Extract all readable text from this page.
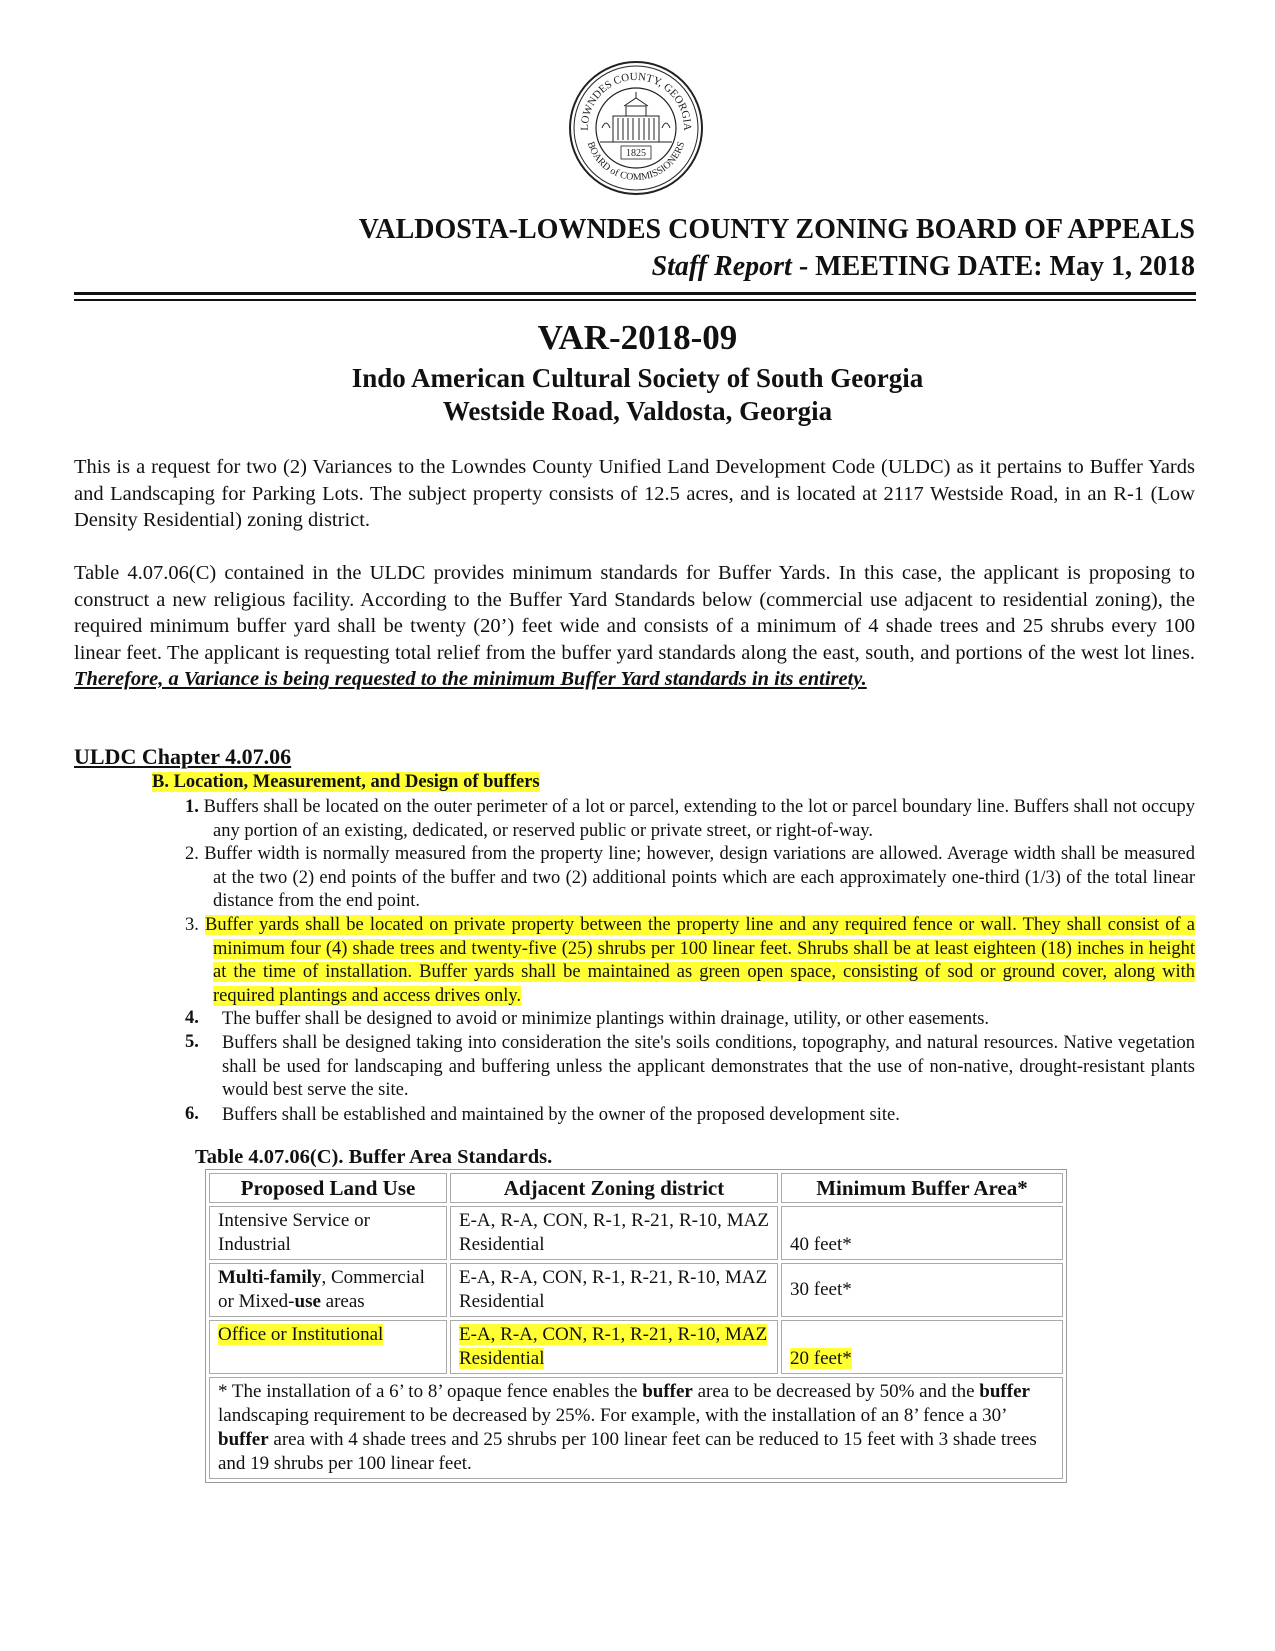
LOWNDES COUNTY, GEORGIA
BOARD of COMMISSIONERS
1825
VALDOSTA-LOWNDES COUNTY ZONING BOARD OF APPEALS
Staff Report - MEETING DATE: May 1, 2018
VAR-2018-09
Indo American Cultural Society of South Georgia
Westside Road, Valdosta, Georgia
This is a request for two (2) Variances to the Lowndes County Unified Land Development Code (ULDC) as it pertains to Buffer Yards and Landscaping for Parking Lots. The subject property consists of 12.5 acres, and is located at 2117 Westside Road, in an R-1 (Low Density Residential) zoning district.
Table 4.07.06(C) contained in the ULDC provides minimum standards for Buffer Yards. In this case, the applicant is proposing to construct a new religious facility. According to the Buffer Yard Standards below (commercial use adjacent to residential zoning), the required minimum buffer yard shall be twenty (20’) feet wide and consists of a minimum of 4 shade trees and 25 shrubs every 100 linear feet. The applicant is requesting total relief from the buffer yard standards along the east, south, and portions of the west lot lines. Therefore, a Variance is being requested to the minimum Buffer Yard standards in its entirety.
ULDC Chapter 4.07.06
B. Location, Measurement, and Design of buffers
1. Buffers shall be located on the outer perimeter of a lot or parcel, extending to the lot or parcel boundary line. Buffers shall not occupy any portion of an existing, dedicated, or reserved public or private street, or right-of-way.
2. Buffer width is normally measured from the property line; however, design variations are allowed. Average width shall be measured at the two (2) end points of the buffer and two (2) additional points which are each approximately one-third (1/3) of the total linear distance from the end point.
3. Buffer yards shall be located on private property between the property line and any required fence or wall. They shall consist of a minimum four (4) shade trees and twenty-five (25) shrubs per 100 linear feet. Shrubs shall be at least eighteen (18) inches in height at the time of installation. Buffer yards shall be maintained as green open space, consisting of sod or ground cover, along with required plantings and access drives only.
4. The buffer shall be designed to avoid or minimize plantings within drainage, utility, or other easements.
5. Buffers shall be designed taking into consideration the site's soils conditions, topography, and natural resources. Native vegetation shall be used for landscaping and buffering unless the applicant demonstrates that the use of non-native, drought-resistant plants would best serve the site.
6. Buffers shall be established and maintained by the owner of the proposed development site.
Table 4.07.06(C). Buffer Area Standards.
Proposed Land Use	Adjacent Zoning district	Minimum Buffer Area*
Intensive Service or Industrial	E-A, R-A, CON, R-1, R-21, R-10, MAZ Residential	40 feet*
Multi-family, Commercial or Mixed-use areas	E-A, R-A, CON, R-1, R-21, R-10, MAZ Residential	30 feet*
Office or Institutional	E-A, R-A, CON, R-1, R-21, R-10, MAZ Residential	20 feet*
* The installation of a 6’ to 8’ opaque fence enables the buffer area to be decreased by 50% and the buffer landscaping requirement to be decreased by 25%. For example, with the installation of an 8’ fence a 30’ buffer area with 4 shade trees and 25 shrubs per 100 linear feet can be reduced to 15 feet with 3 shade trees and 19 shrubs per 100 linear feet.		
